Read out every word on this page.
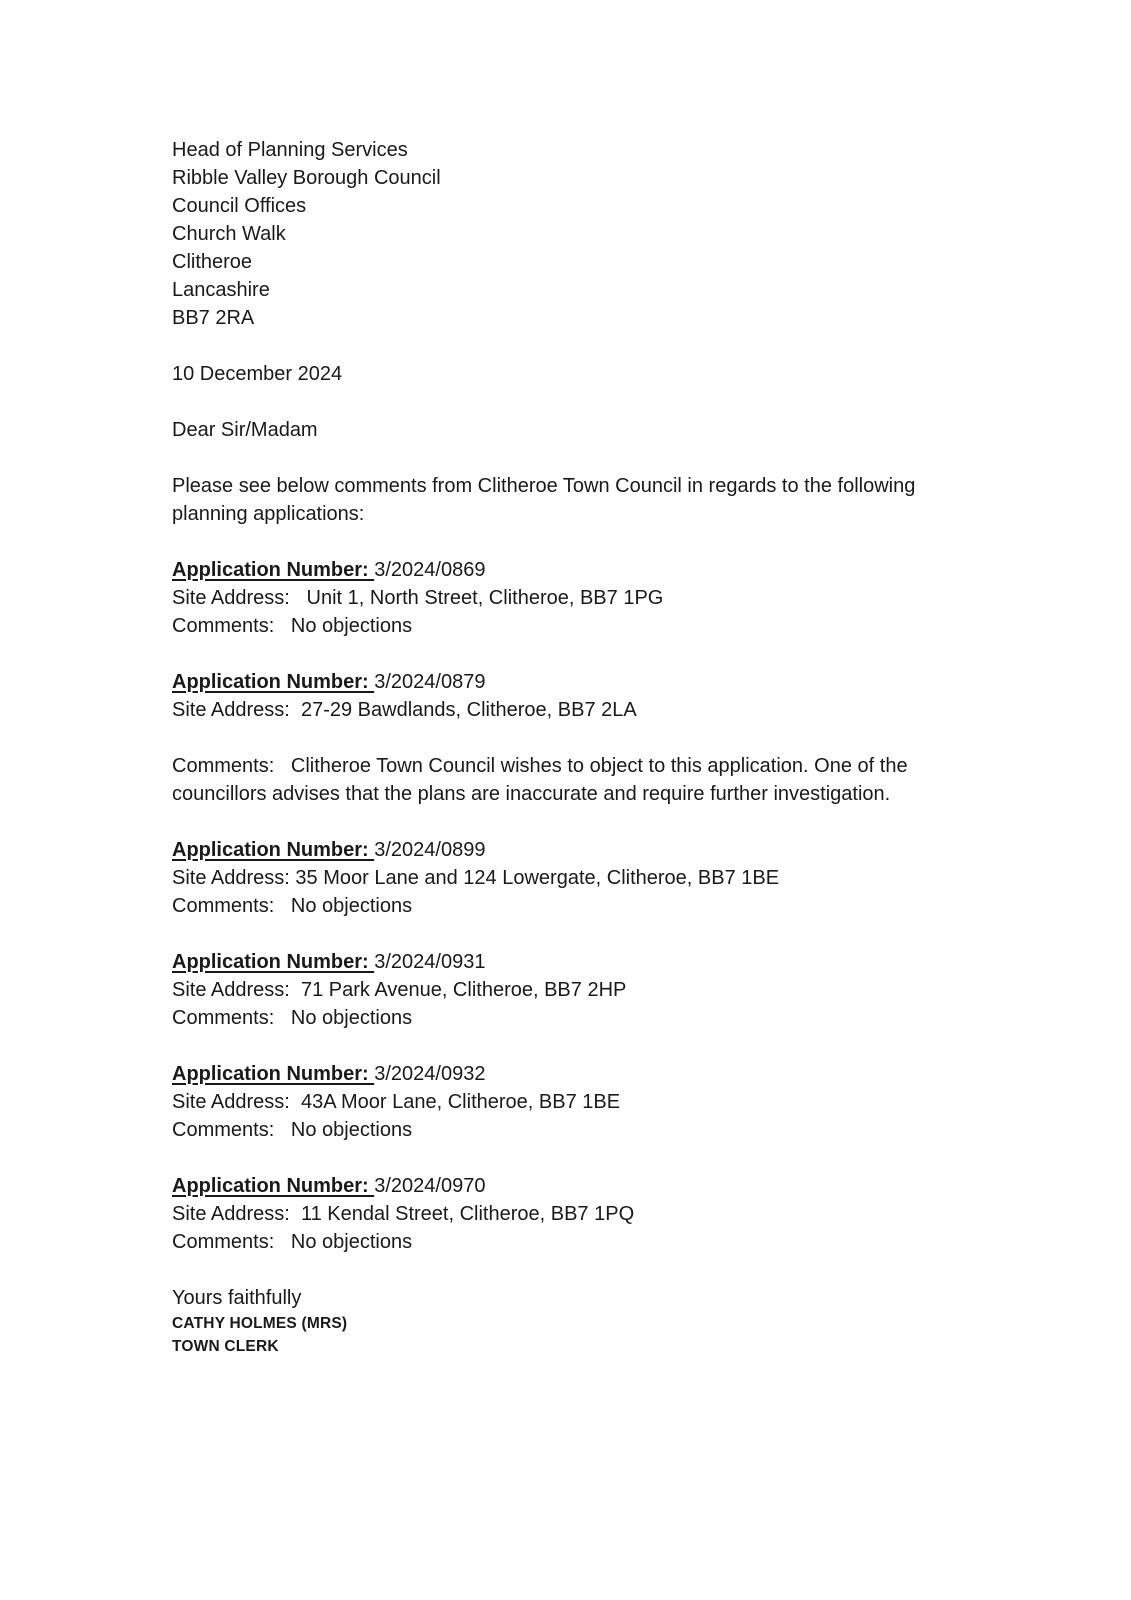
Head of Planning Services
Ribble Valley Borough Council
Council Offices
Church Walk
Clitheroe
Lancashire
BB7 2RA
10 December 2024
Dear Sir/Madam
Please see below comments from Clitheroe Town Council in regards to the following
planning applications:
Application Number: 3/2024/0869
Site Address: Unit 1, North Street, Clitheroe, BB7 1PG
Comments: No objections
Application Number: 3/2024/0879
Site Address: 27-29 Bawdlands, Clitheroe, BB7 2LA
Comments: Clitheroe Town Council wishes to object to this application. One of the
councillors advises that the plans are inaccurate and require further investigation.
Application Number: 3/2024/0899
Site Address: 35 Moor Lane and 124 Lowergate, Clitheroe, BB7 1BE
Comments: No objections
Application Number: 3/2024/0931
Site Address: 71 Park Avenue, Clitheroe, BB7 2HP
Comments: No objections
Application Number: 3/2024/0932
Site Address: 43A Moor Lane, Clitheroe, BB7 1BE
Comments: No objections
Application Number: 3/2024/0970
Site Address: 11 Kendal Street, Clitheroe, BB7 1PQ
Comments: No objections
Yours faithfully
CATHY HOLMES (MRS)
TOWN CLERK
